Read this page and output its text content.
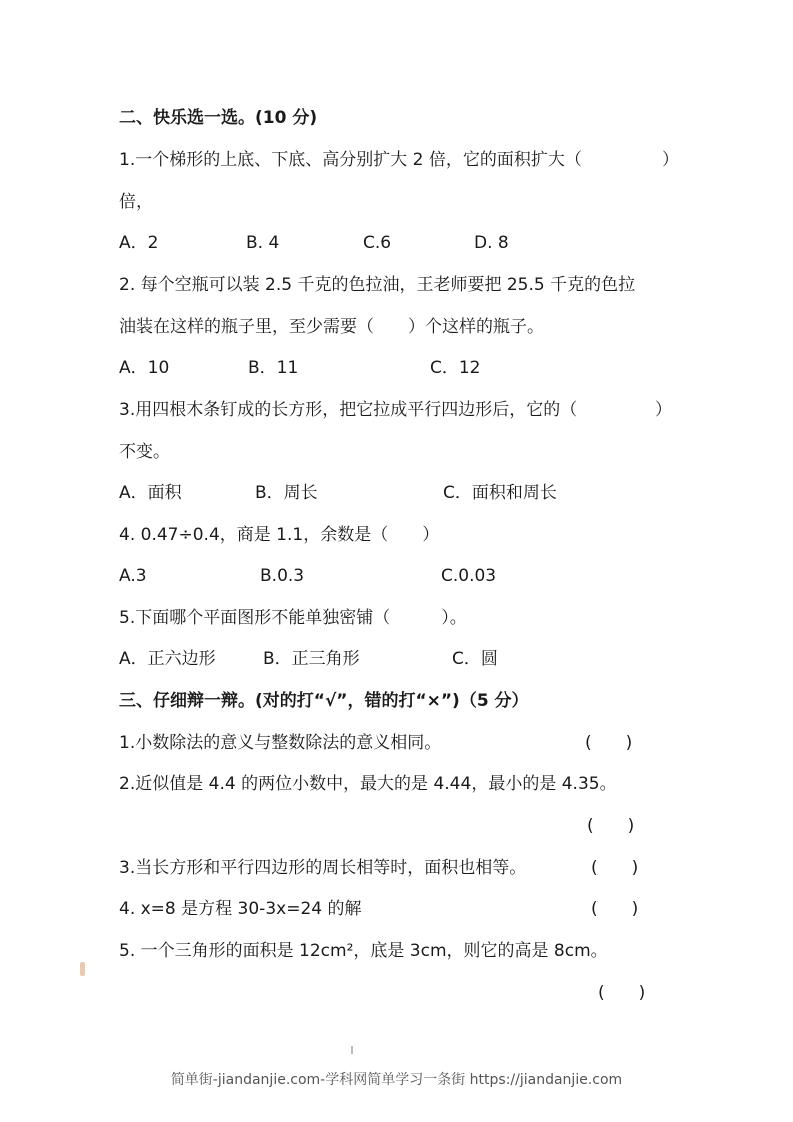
二、快乐选一选。(10 分)
1.一个梯形的上底、下底、高分别扩大 2 倍，它的面积扩大（	）
倍，
A．2	B. 4	C.6	D. 8
2. 每个空瓶可以装 2.5 千克的色拉油，王老师要把 25.5 千克的色拉
油装在这样的瓶子里，至少需要（　　）个这样的瓶子。
A．10	B．11	C．12
3.用四根木条钉成的长方形，把它拉成平行四边形后，它的（	）
不变。
A．面积	B．周长	C．面积和周长
4. 0.47÷0.4，商是 1.1，余数是（　　）
A.3	B.0.3	C.0.03
5.下面哪个平面图形不能单独密铺（　　　）。
A．正六边形	B．正三角形	C．圆
三、仔细辩一辩。(对的打“√”，错的打“×”)（5 分）
1.小数除法的意义与整数除法的意义相同。	(　　)
2.近似值是 4.4 的两位小数中，最大的是 4.44，最小的是 4.35。
(　　)
3.当长方形和平行四边形的周长相等时，面积也相等。	(　　)
4. x=8 是方程 30-3x=24 的解	(　　)
5. 一个三角形的面积是 12cm²，底是 3cm，则它的高是 8cm。
(　　)
简单街-jiandanjie.com-学科网简单学习一条街 https://jiandanjie.com
